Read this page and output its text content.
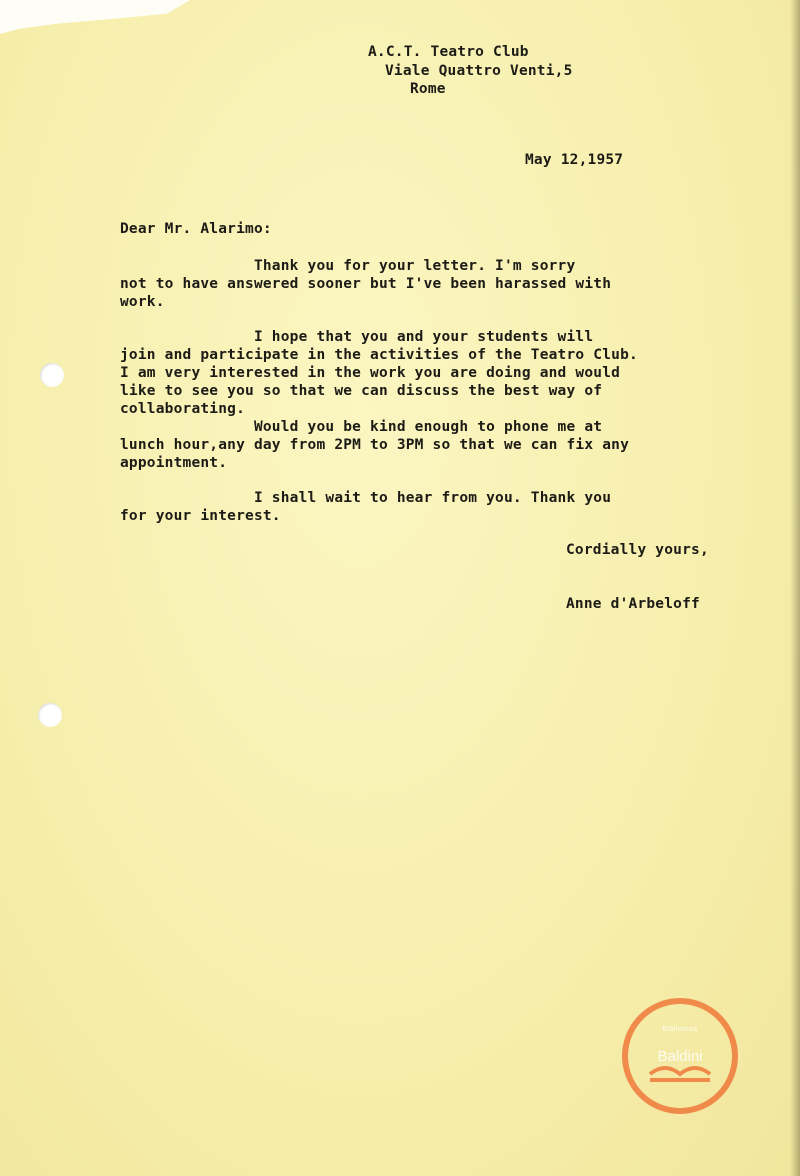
A.C.T. Teatro Club
Viale Quattro Venti,5
Rome
May 12,1957
Dear Mr. Alarimo:
Thank you for your letter. I'm sorry
not to have answered sooner but I've been harassed with
work.
I hope that you and your students will
join and participate in the activities of the Teatro Club.
I am very interested in the work you are doing and would
like to see you so that we can discuss the best way of
collaborating.
Would you be kind enough to phone me at
lunch hour,any day from 2PM to 3PM so that we can fix any
appointment.
I shall wait to hear from you. Thank you
for your interest.
Cordially yours,
Anne d'Arbeloff
Biblioteca
Baldini
